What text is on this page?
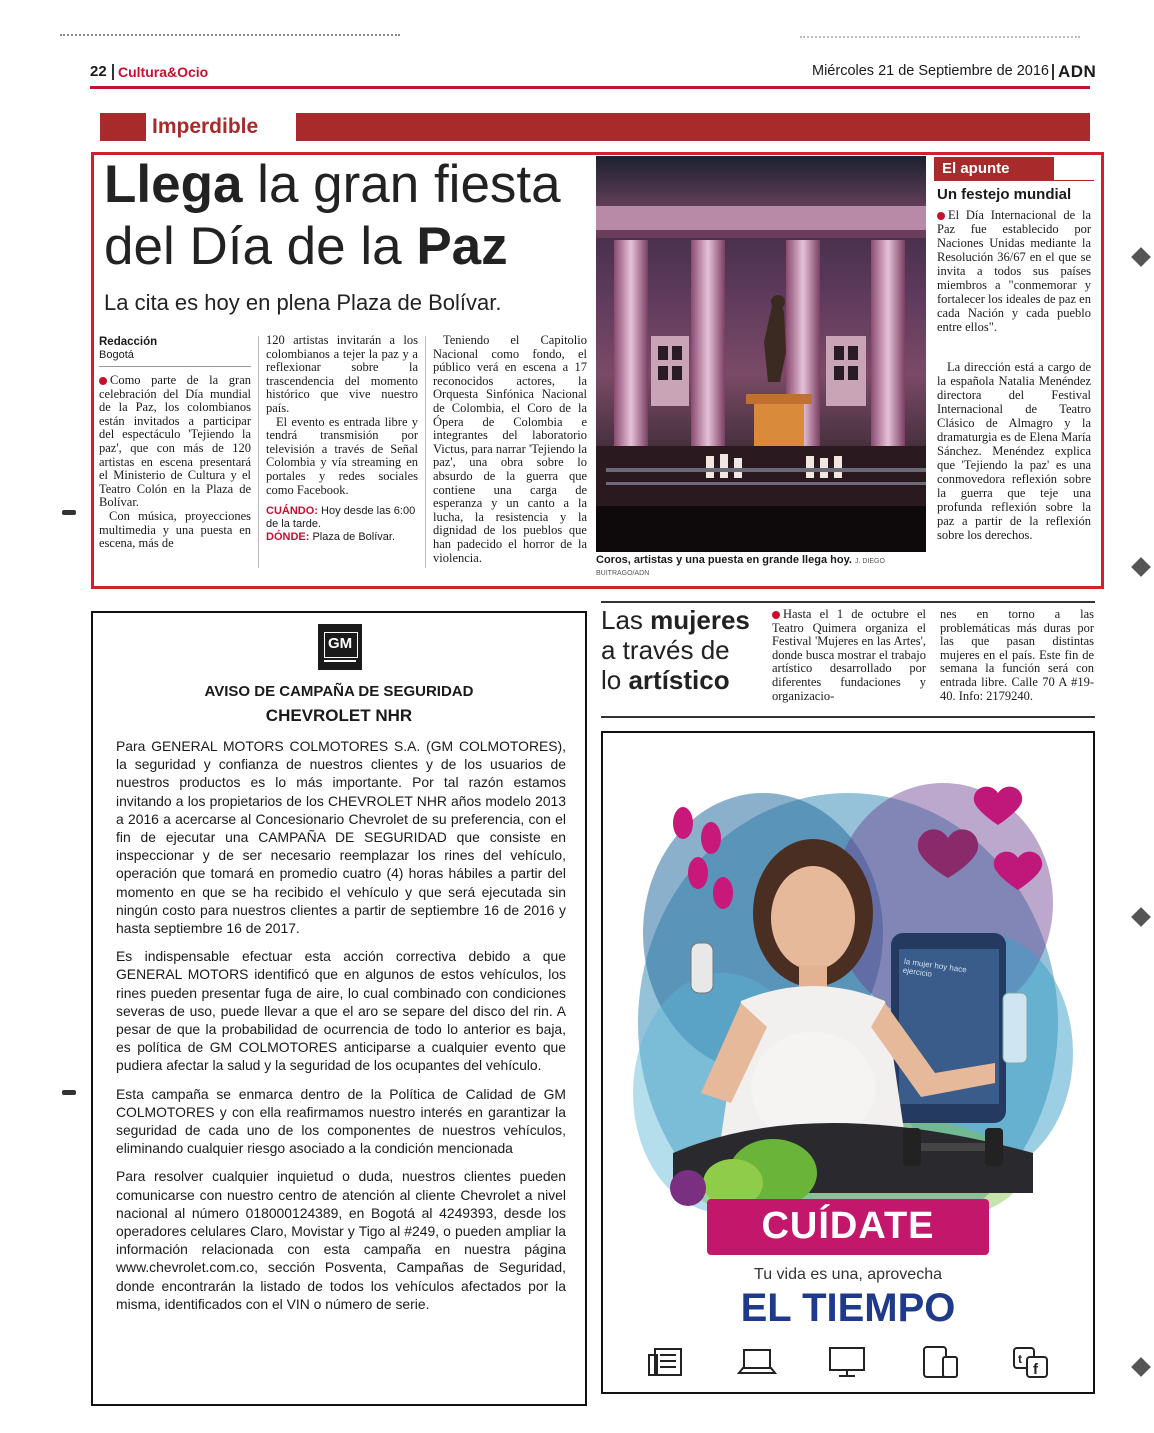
22 Cultura&Ocio	Miércoles 21 de Septiembre de 2016 ADN
Imperdible
Llega la gran fiesta
del Día de la Paz
La cita es hoy en plena Plaza de Bolívar.
Redacción
Bogotá

Como parte de la gran celebración del Día mundial de la Paz, los colombianos están invitados a participar del espectáculo 'Tejiendo la paz', que con más de 120 artistas en escena presentará el Ministerio de Cultura y el Teatro Colón en la Plaza de Bolívar.

Con música, proyecciones multimedia y una puesta en escena, más de

120 artistas invitarán a los colombianos a tejer la paz y a reflexionar sobre la trascendencia del momento histórico que vive nuestro país.

El evento es entrada libre y tendrá transmisión por televisión a través de Señal Colombia y vía streaming en portales y redes sociales como Facebook.

CUÁNDO: Hoy desde las 6:00 de la tarde.

DÓNDE: Plaza de Bolívar.

Teniendo el Capitolio Nacional como fondo, el público verá en escena a 17 reconocidos actores, la Orquesta Sinfónica Nacional de Colombia, el Coro de la Ópera de Colombia e integrantes del laboratorio Victus, para narrar 'Tejiendo la paz', una obra sobre lo absurdo de la guerra que contiene una carga de esperanza y un canto a la lucha, la resistencia y la dignidad de los pueblos que han padecido el horror de la violencia.	Coros, artistas y una puesta en grande llega hoy. J. DIEGO BUITRAGO/ADN
El apunte
Un festejo mundial

El Día Internacional de la Paz fue establecido por Naciones Unidas mediante la Resolución 36/67 en el que se invita a todos sus países miembros a "conmemorar y fortalecer los ideales de paz en cada Nación y cada pueblo entre ellos".

La dirección está a cargo de la española Natalia Menéndez directora del Festival Internacional de Teatro Clásico de Almagro y la dramaturgia es de Elena María Sánchez. Menéndez explica que 'Tejiendo la paz' es una conmovedora reflexión sobre la guerra que teje una profunda reflexión sobre la paz a partir de la reflexión sobre los derechos.

GM
AVISO DE CAMPAÑA DE SEGURIDAD
CHEVROLET NHR

Para GENERAL MOTORS COLMOTORES S.A. (GM COLMOTORES), la seguridad y confianza de nuestros clientes y de los usuarios de nuestros productos es lo más importante. Por tal razón estamos invitando a los propietarios de los CHEVROLET NHR años modelo 2013 a 2016 a acercarse al Concesionario Chevrolet de su preferencia, con el fin de ejecutar una CAMPAÑA DE SEGURIDAD que consiste en inspeccionar y de ser necesario reemplazar los rines del vehículo, operación que tomará en promedio cuatro (4) horas hábiles a partir del momento en que se ha recibido el vehículo y que será ejecutada sin ningún costo para nuestros clientes a partir de septiembre 16 de 2016 y hasta septiembre 16 de 2017.

Es indispensable efectuar esta acción correctiva debido a que GENERAL MOTORS identificó que en algunos de estos vehículos, los rines pueden presentar fuga de aire, lo cual combinado con condiciones severas de uso, puede llevar a que el aro se separe del disco del rin. A pesar de que la probabilidad de ocurrencia de todo lo anterior es baja, es política de GM COLMOTORES anticiparse a cualquier evento que pudiera afectar la salud y la seguridad de los ocupantes del vehículo.

Esta campaña se enmarca dentro de la Política de Calidad de GM COLMOTORES y con ella reafirmamos nuestro interés en garantizar la seguridad de cada uno de los componentes de nuestros vehículos, eliminando cualquier riesgo asociado a la condición mencionada

Para resolver cualquier inquietud o duda, nuestros clientes pueden comunicarse con nuestro centro de atención al cliente Chevrolet a nivel nacional al número 018000124389, en Bogotá al 4249393, desde los operadores celulares Claro, Movistar y Tigo al #249, o pueden ampliar la información relacionada con esta campaña en nuestra página www.chevrolet.com.co, sección Posventa, Campañas de Seguridad, donde encontrarán la listado de todos los vehículos afectados por la misma, identificados con el VIN o número de serie.

Las mujeres
a través de
lo artístico

Hasta el 1 de octubre el Teatro Quimera organiza el Festival 'Mujeres en las Artes', donde busca mostrar el trabajo artístico desarrollado por diferentes fundaciones y organizacio-

nes en torno a las problemáticas más duras por las que pasan distintas mujeres en el país. Este fin de semana la función será con entrada libre. Calle 70 A #19-40. Info: 2179240.

la mujer hoy hace ejercicio
CUÍDATE
Tu vida es una, aprovecha
EL TIEMPO
f
t
